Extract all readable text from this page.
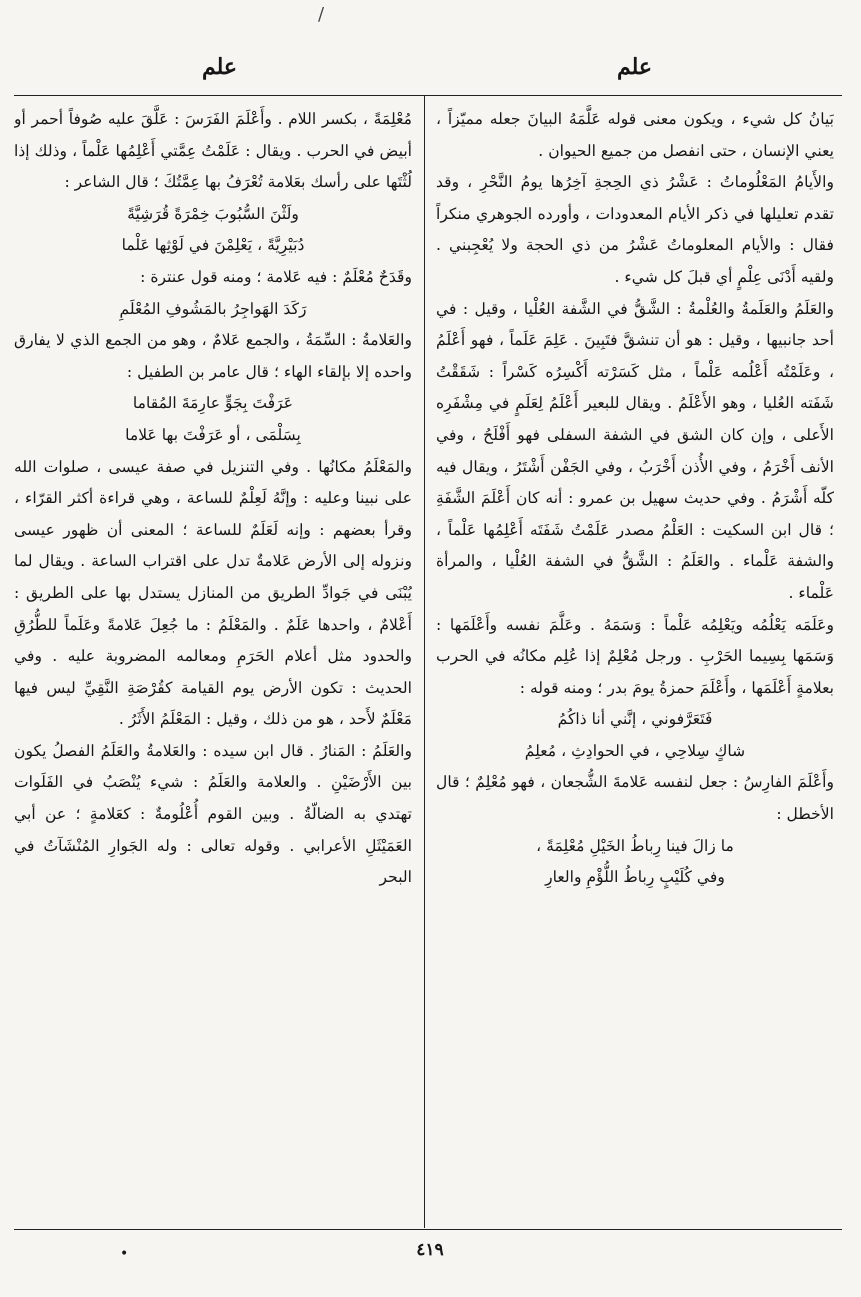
/
علم
علم

بَيانُ كل شيء ، ويكون معنى قوله عَلَّمَهُ البيانَ جعله مميّزاً ، يعني الإنسان ، حتى انفصل من جميع الحيوان .

والأَيامُ المَعْلُوماتُ : عَشْرُ ذي الحِجةِ آخِرُها يومُ النَّحْرِ ، وقد تقدم تعليلها في ذكر الأيام المعدودات ، وأورده الجوهري منكراً فقال : والأيام المعلوماتُ عَشْرُ من ذي الحجة ولا يُعْجِبني . ولقيه أَدْنَى عِلْمٍ أي قبلَ كل شيء .

والعَلَمُ والعَلَمةُ والعُلْمةُ : الشَّقُّ في الشَّفة العُلْيا ، وقيل : في أحد جانبيها ، وقيل : هو أن تنشقَّ فتَبِينَ . عَلِمَ عَلَماً ، فهو أَعْلَمُ ، وعَلَمْتُه أَعْلُمه عَلْماً ، مثل كَسَرْته أَكْسِرُه كَسْراً : شَقَقْتُ شَفَته العُليا ، وهو الأَعْلَمُ . ويقال للبعير أَعْلَمُ لِعَلَمٍ في مِشْفَرِه الأَعلى ، وإن كان الشق في الشفة السفلى فهو أَفْلَحُ ، وفي الأنف أَخْرَمُ ، وفي الأُذن أَخْرَبُ ، وفي الجَفْن أَشْتَرُ ، ويقال فيه كلّه أَشْرَمُ . وفي حديث سهيل بن عمرو : أنه كان أَعْلَمَ الشَّفَةِ ؛ قال ابن السكيت : العَلْمُ مصدر عَلَمْتُ شَفَتَه أَعْلِمُها عَلْماً ، والشفة عَلْماء . والعَلَمُ : الشَّقُّ في الشفة العُلْيا ، والمرأة عَلْماء .

وعَلَمَه يَعْلُمُه ويَعْلِمُه عَلْماً : وَسَمَهُ . وعَلَّمَ نفسه وأَعْلَمَها : وَسَمَها بِسِيما الحَرْبِ . ورجل مُعْلِمٌ إذا عُلِم مكانُه في الحرب بعلامةٍ أَعْلَمَها ، وأَعْلَمَ حمزةُ يومَ بدر ؛ ومنه قوله :

فَتَعَرَّفوني ، إنَّني أنا ذاكُمُ

شاكٍ سِلاحِي ، في الحوادِثِ ، مُعلِمُ

وأَعْلَمَ الفارِسُ : جعل لنفسه عَلامةَ الشُّجعان ، فهو مُعْلِمٌ ؛ قال الأخطل :

ما زالَ فينا رِباطُ الخَيْلِ مُعْلِمَةً ،

وفي كُلَيْبٍ رِباطُ اللُّؤْمِ والعارِ

مُعْلِمَةً ، بكسر اللام . وأَعْلَمَ الفَرَسَ : عَلَّقَ عليه صُوفاً أحمر أو أبيض في الحرب . ويقال : عَلَمْتُ عِمَّتي أَعْلِمُها عَلْماً ، وذلك إذا لُثْتَها على رأسك بعَلامة تُعْرَفُ بها عِمَّتُكَ ؛ قال الشاعر :

ولَثْنَ السُّبُوبَ خِمْرَةً قُرَشِيَّةً

دُبَيْرِيَّةً ، يَعْلِمْنَ في لَوْثِها عَلْما

وقَدَحٌ مُعْلَمٌ : فيه عَلامة ؛ ومنه قول عنترة :

رَكَدَ الهَواجِرُ بالمَشُوفِ المُعْلَمِ

والعَلامةُ : السِّمَةُ ، والجمع عَلامٌ ، وهو من الجمع الذي لا يفارق واحده إلا بإلقاء الهاء ؛ قال عامر بن الطفيل :

عَرَفْتَ بِجَوٍّ عارِمَةَ المُقاما

بِسَلْمَى ، أو عَرَفْتَ بها عَلاما

والمَعْلَمُ مكانُها . وفي التنزيل في صفة عيسى ، صلوات الله على نبينا وعليه : وإنَّهُ لَعِلْمٌ للساعة ، وهي قراءة أكثر القرّاء ، وقرأ بعضهم : وإنه لَعَلَمٌ للساعة ؛ المعنى أن ظهور عيسى ونزوله إلى الأرض عَلامةٌ تدل على اقتراب الساعة . ويقال لما يُبْنَى في جَوادِّ الطريق من المنازل يستدل بها على الطريق : أَعْلامٌ ، واحدها عَلَمٌ . والمَعْلَمُ : ما جُعِلَ عَلامةً وعَلَماً للطُّرُقِ والحدود مثل أعلام الحَرَمِ ومعالمه المضروبة عليه . وفي الحديث : تكون الأرض يوم القيامة كقُرْصَةِ النَّقِيِّ ليس فيها مَعْلَمٌ لأَحد ، هو من ذلك ، وقيل : المَعْلَمُ الأَثَرُ .

والعَلَمُ : المَنارُ . قال ابن سيده : والعَلامةُ والعَلَمُ الفصلُ يكون بين الأَرْضَيْنِ . والعلامة والعَلَمُ : شيء يُنْصَبُ في الفَلَوات تهتدي به الضالّةُ . وبين القوم أُعْلُومةٌ : كعَلامةٍ ؛ عن أبي العَمَيْثَلِ الأعرابي . وقوله تعالى : وله الجَوارِ المُنْشَآتُ في البحر

٤١٩
•
